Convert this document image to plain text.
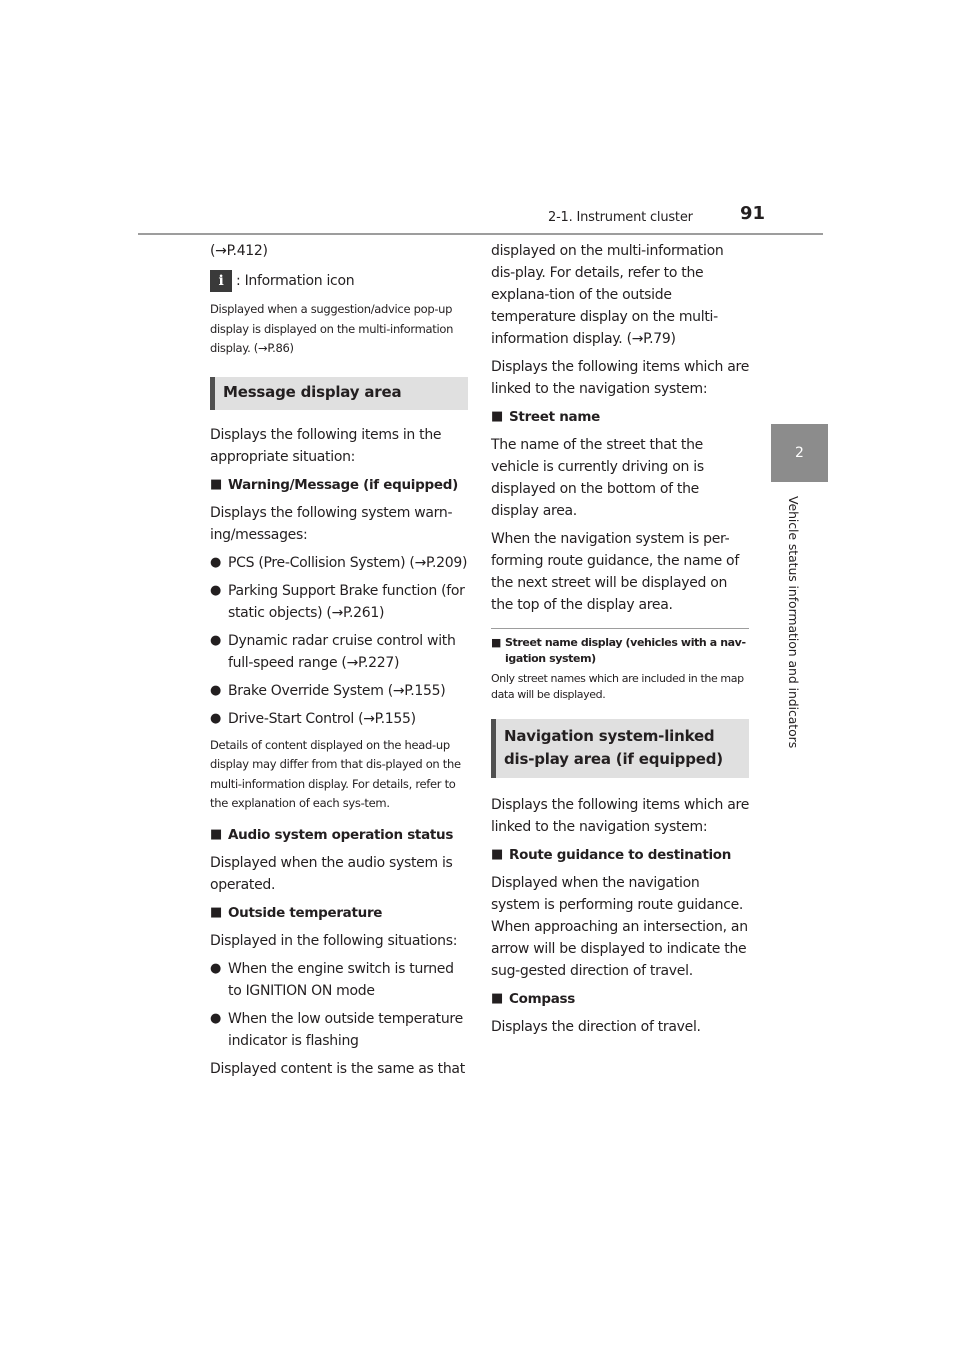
2-1. Instrument cluster	91
2
Vehicle status information and indicators

(→P.412)

i : Information icon

Displayed when a suggestion/advice pop-up display is displayed on the multi-information display. (→P.86)

Message display area

Displays the following items in the appropriate situation:

■ Warning/Message (if equipped)

Displays the following system warn-ing/messages:

● PCS (Pre-Collision System) (→P.209)
● Parking Support Brake function (for static objects) (→P.261)
● Dynamic radar cruise control with full-speed range (→P.227)
● Brake Override System (→P.155)
● Drive-Start Control (→P.155)

Details of content displayed on the head-up display may differ from that dis-played on the multi-information display. For details, refer to the explanation of each sys-tem.

■ Audio system operation status

Displayed when the audio system is operated.

■ Outside temperature

Displayed in the following situations:

● When the engine switch is turned to IGNITION ON mode
● When the low outside temperature indicator is flashing

Displayed content is the same as that

displayed on the multi-information dis-play. For details, refer to the explana-tion of the outside temperature display on the multi-information display. (→P.79)

Displays the following items which are linked to the navigation system:

■ Street name

The name of the street that the vehicle is currently driving on is displayed on the bottom of the display area.

When the navigation system is per-forming route guidance, the name of the next street will be displayed on the top of the display area.

■ Street name display (vehicles with a nav-igation system)

Only street names which are included in the map data will be displayed.

Navigation system-linked dis-play area (if equipped)

Displays the following items which are linked to the navigation system:

■ Route guidance to destination

Displayed when the navigation system is performing route guidance. When approaching an intersection, an arrow will be displayed to indicate the sug-gested direction of travel.

■ Compass

Displays the direction of travel.
